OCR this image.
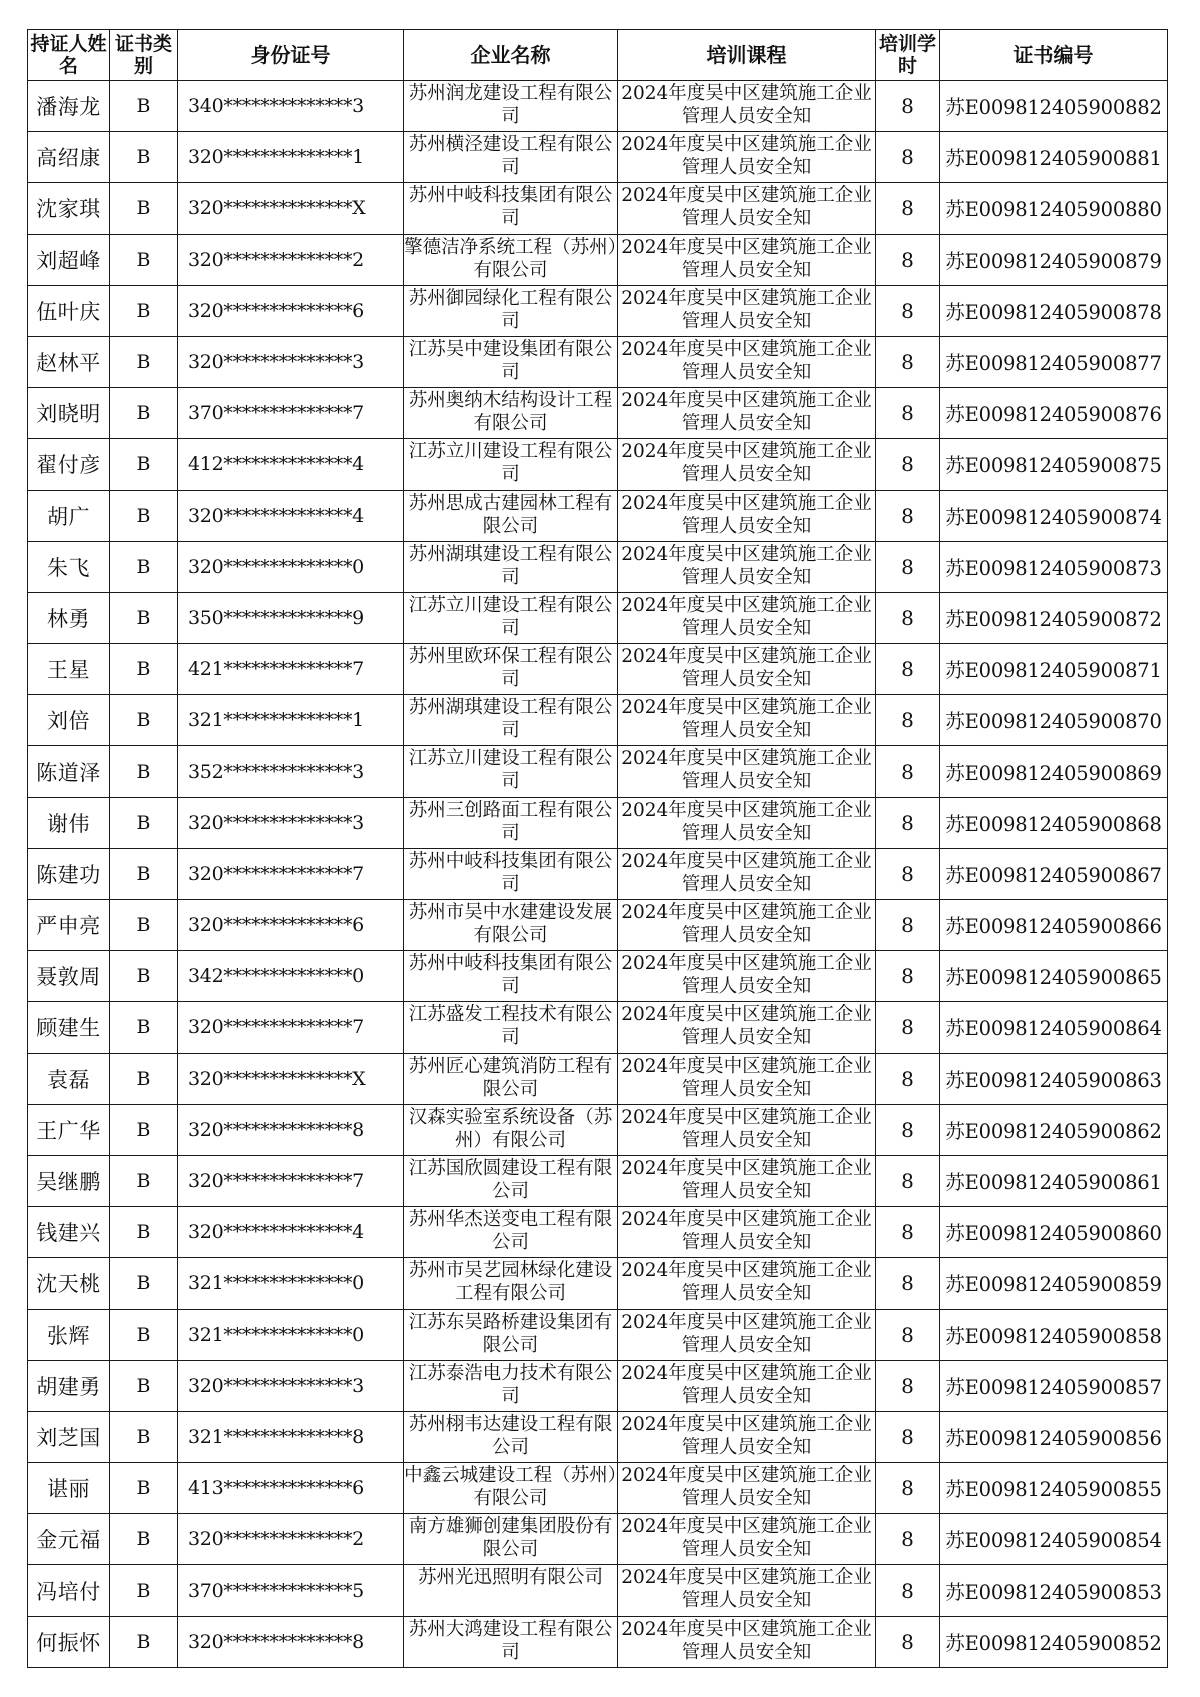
持证人姓名	证书类别	身份证号	企业名称	培训课程	培训学时	证书编号
潘海龙	B	340**************3	苏州润龙建设工程有限公司	2024年度吴中区建筑施工企业管理人员安全知	8	苏E009812405900882
高绍康	B	320**************1	苏州横泾建设工程有限公司	2024年度吴中区建筑施工企业管理人员安全知	8	苏E009812405900881
沈家琪	B	320**************X	苏州中岐科技集团有限公司	2024年度吴中区建筑施工企业管理人员安全知	8	苏E009812405900880
刘超峰	B	320**************2	擎德洁净系统工程（苏州）有限公司	2024年度吴中区建筑施工企业管理人员安全知	8	苏E009812405900879
伍叶庆	B	320**************6	苏州御园绿化工程有限公司	2024年度吴中区建筑施工企业管理人员安全知	8	苏E009812405900878
赵林平	B	320**************3	江苏吴中建设集团有限公司	2024年度吴中区建筑施工企业管理人员安全知	8	苏E009812405900877
刘晓明	B	370**************7	苏州奥纳木结构设计工程有限公司	2024年度吴中区建筑施工企业管理人员安全知	8	苏E009812405900876
翟付彦	B	412**************4	江苏立川建设工程有限公司	2024年度吴中区建筑施工企业管理人员安全知	8	苏E009812405900875
胡广	B	320**************4	苏州思成古建园林工程有限公司	2024年度吴中区建筑施工企业管理人员安全知	8	苏E009812405900874
朱飞	B	320**************0	苏州湖琪建设工程有限公司	2024年度吴中区建筑施工企业管理人员安全知	8	苏E009812405900873
林勇	B	350**************9	江苏立川建设工程有限公司	2024年度吴中区建筑施工企业管理人员安全知	8	苏E009812405900872
王星	B	421**************7	苏州里欧环保工程有限公司	2024年度吴中区建筑施工企业管理人员安全知	8	苏E009812405900871
刘倍	B	321**************1	苏州湖琪建设工程有限公司	2024年度吴中区建筑施工企业管理人员安全知	8	苏E009812405900870
陈道泽	B	352**************3	江苏立川建设工程有限公司	2024年度吴中区建筑施工企业管理人员安全知	8	苏E009812405900869
谢伟	B	320**************3	苏州三创路面工程有限公司	2024年度吴中区建筑施工企业管理人员安全知	8	苏E009812405900868
陈建功	B	320**************7	苏州中岐科技集团有限公司	2024年度吴中区建筑施工企业管理人员安全知	8	苏E009812405900867
严申亮	B	320**************6	苏州市吴中水建建设发展有限公司	2024年度吴中区建筑施工企业管理人员安全知	8	苏E009812405900866
聂敦周	B	342**************0	苏州中岐科技集团有限公司	2024年度吴中区建筑施工企业管理人员安全知	8	苏E009812405900865
顾建生	B	320**************7	江苏盛发工程技术有限公司	2024年度吴中区建筑施工企业管理人员安全知	8	苏E009812405900864
袁磊	B	320**************X	苏州匠心建筑消防工程有限公司	2024年度吴中区建筑施工企业管理人员安全知	8	苏E009812405900863
王广华	B	320**************8	汉森实验室系统设备（苏州）有限公司	2024年度吴中区建筑施工企业管理人员安全知	8	苏E009812405900862
吴继鹏	B	320**************7	江苏国欣圆建设工程有限公司	2024年度吴中区建筑施工企业管理人员安全知	8	苏E009812405900861
钱建兴	B	320**************4	苏州华杰送变电工程有限公司	2024年度吴中区建筑施工企业管理人员安全知	8	苏E009812405900860
沈天桃	B	321**************0	苏州市吴艺园林绿化建设工程有限公司	2024年度吴中区建筑施工企业管理人员安全知	8	苏E009812405900859
张辉	B	321**************0	江苏东吴路桥建设集团有限公司	2024年度吴中区建筑施工企业管理人员安全知	8	苏E009812405900858
胡建勇	B	320**************3	江苏泰浩电力技术有限公司	2024年度吴中区建筑施工企业管理人员安全知	8	苏E009812405900857
刘芝国	B	321**************8	苏州栩韦达建设工程有限公司	2024年度吴中区建筑施工企业管理人员安全知	8	苏E009812405900856
谌丽	B	413**************6	中鑫云城建设工程（苏州）有限公司	2024年度吴中区建筑施工企业管理人员安全知	8	苏E009812405900855
金元福	B	320**************2	南方雄狮创建集团股份有限公司	2024年度吴中区建筑施工企业管理人员安全知	8	苏E009812405900854
冯培付	B	370**************5	苏州光迅照明有限公司	2024年度吴中区建筑施工企业管理人员安全知	8	苏E009812405900853
何振怀	B	320**************8	苏州大鸿建设工程有限公司	2024年度吴中区建筑施工企业管理人员安全知	8	苏E009812405900852
